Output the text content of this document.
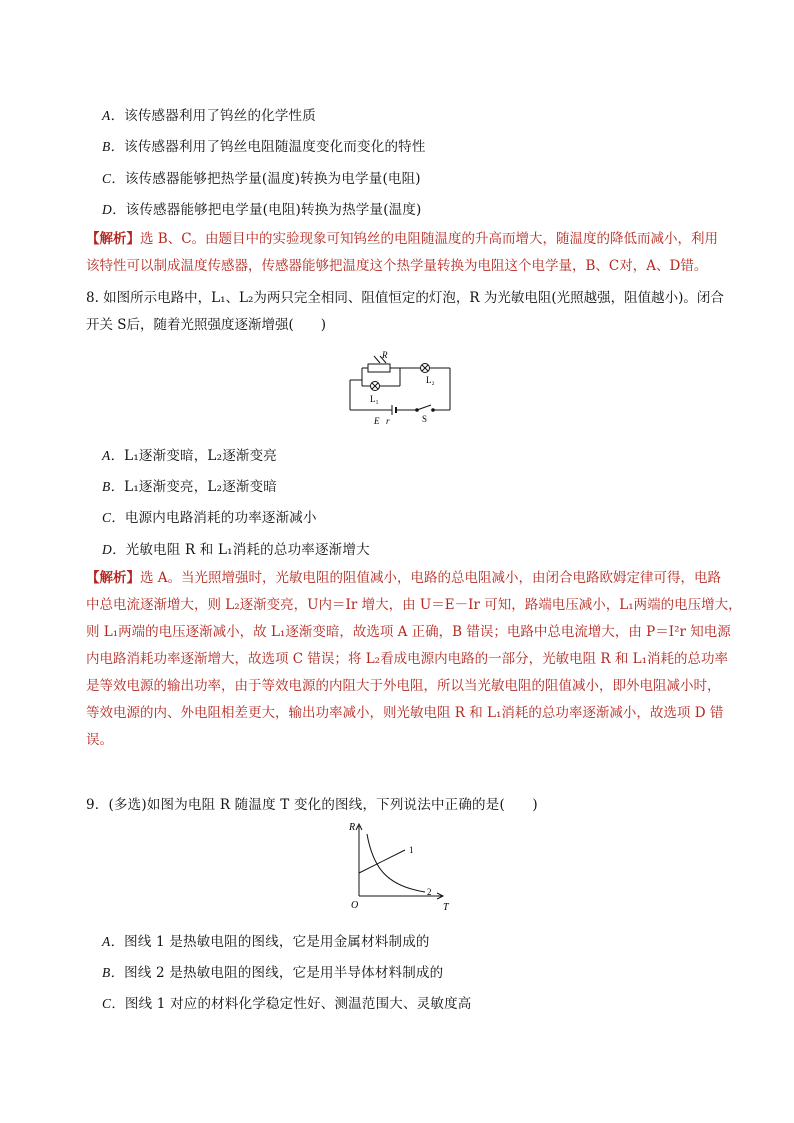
A．该传感器利用了钨丝的化学性质
B．该传感器利用了钨丝电阻随温度变化而变化的特性
C．该传感器能够把热学量(温度)转换为电学量(电阻)
D．该传感器能够把电学量(电阻)转换为热学量(温度)
【解析】选 B、C。由题目中的实验现象可知钨丝的电阻随温度的升高而增大，随温度的降低而减小，利用
该特性可以制成温度传感器，传感器能够把温度这个热学量转换为电阻这个电学量，B、C对，A、D错。
8. 如图所示电路中，L₁、L₂为两只完全相同、阻值恒定的灯泡，R 为光敏电阻(光照越强，阻值越小)。闭合
开关 S后，随着光照强度逐渐增强(　　)
R
L₂
L₁
E r	S
A．L₁逐渐变暗，L₂逐渐变亮
B．L₁逐渐变亮，L₂逐渐变暗
C．电源内电路消耗的功率逐渐减小
D．光敏电阻 R 和 L₁消耗的总功率逐渐增大
【解析】选 A。当光照增强时，光敏电阻的阻值减小，电路的总电阻减小，由闭合电路欧姆定律可得，电路
中总电流逐渐增大，则 L₂逐渐变亮，U内＝Ir 增大，由 U＝E－Ir 可知，路端电压减小，L₁两端的电压增大，
则 L₁两端的电压逐渐减小，故 L₁逐渐变暗，故选项 A 正确，B 错误；电路中总电流增大，由 P＝I²r 知电源
内电路消耗功率逐渐增大，故选项 C 错误；将 L₂看成电源内电路的一部分，光敏电阻 R 和 L₁消耗的总功率
是等效电源的输出功率，由于等效电源的内阻大于外电阻，所以当光敏电阻的阻值减小，即外电阻减小时，
等效电源的内、外电阻相差更大，输出功率减小，则光敏电阻 R 和 L₁消耗的总功率逐渐减小，故选项 D 错
误。
9．(多选)如图为电阻 R 随温度 T 变化的图线，下列说法中正确的是(　　)
R
T
O
1
2
A．图线 1 是热敏电阻的图线，它是用金属材料制成的
B．图线 2 是热敏电阻的图线，它是用半导体材料制成的
C．图线 1 对应的材料化学稳定性好、测温范围大、灵敏度高
